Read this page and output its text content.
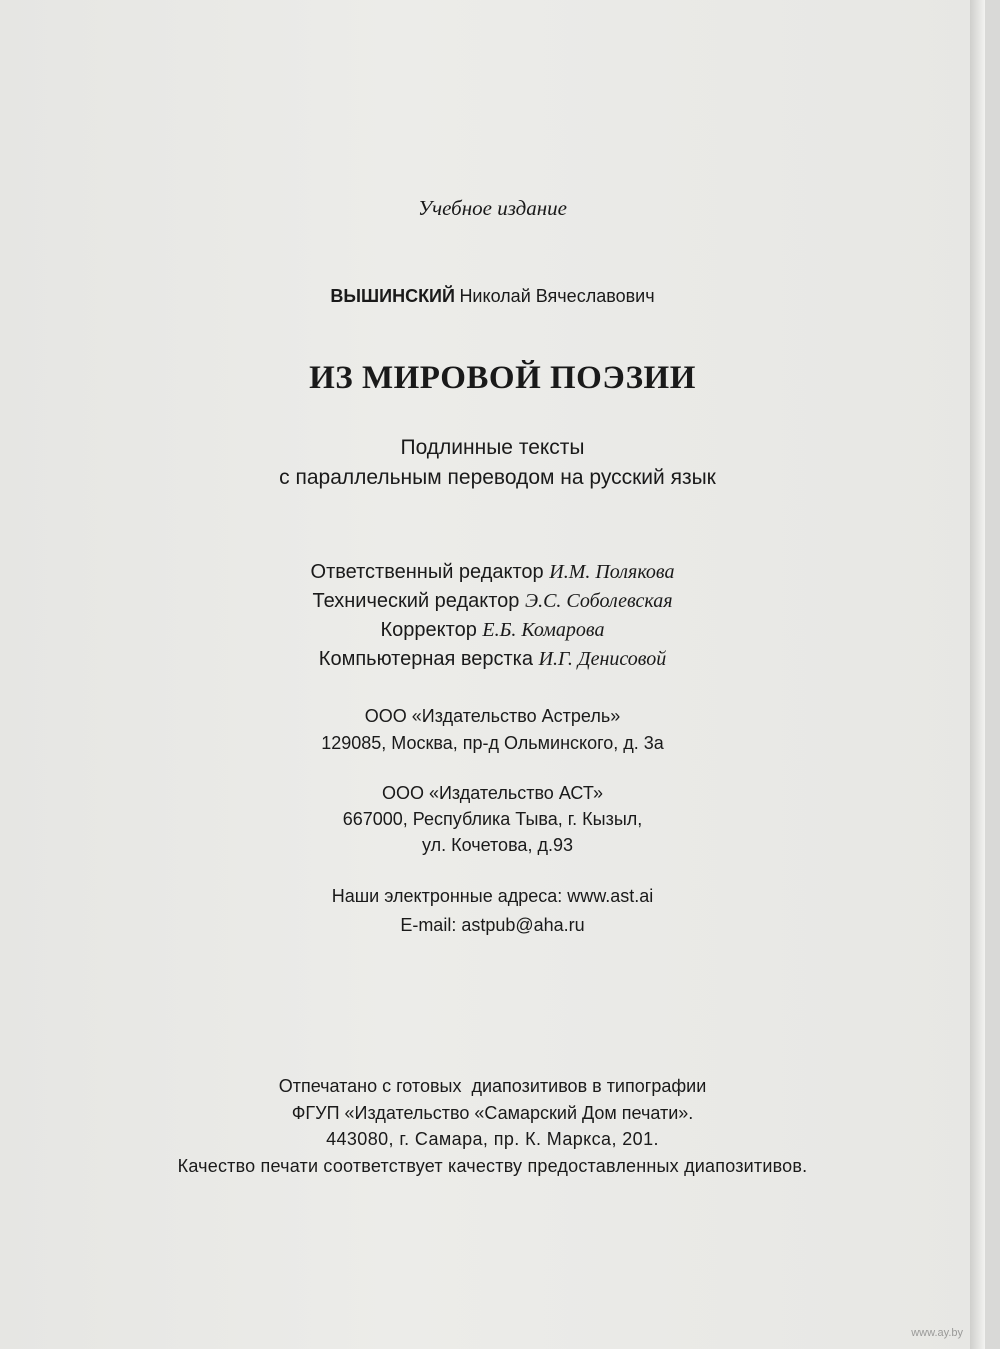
Учебное издание
ВЫШИНСКИЙ Николай Вячеславович
ИЗ МИРОВОЙ ПОЭЗИИ
Подлинные тексты
с параллельным переводом на русский язык
Ответственный редактор И.М. Полякова
Технический редактор Э.С. Соболевская
Корректор Е.Б. Комарова
Компьютерная верстка И.Г. Денисовой
ООО «Издательство Астрель»
129085, Москва, пр-д Ольминского, д. 3а
ООО «Издательство АСТ»
667000, Республика Тыва, г. Кызыл,
ул. Кочетова, д.93
Наши электронные адреса: www.ast.ai
E-mail: astpub@aha.ru
Отпечатано с готовых  диапозитивов в типографии
ФГУП «Издательство «Самарский Дом печати».
443080, г. Самара, пр. К. Маркса, 201.
Качество печати соответствует качеству предоставленных диапозитивов.
www.ay.by
